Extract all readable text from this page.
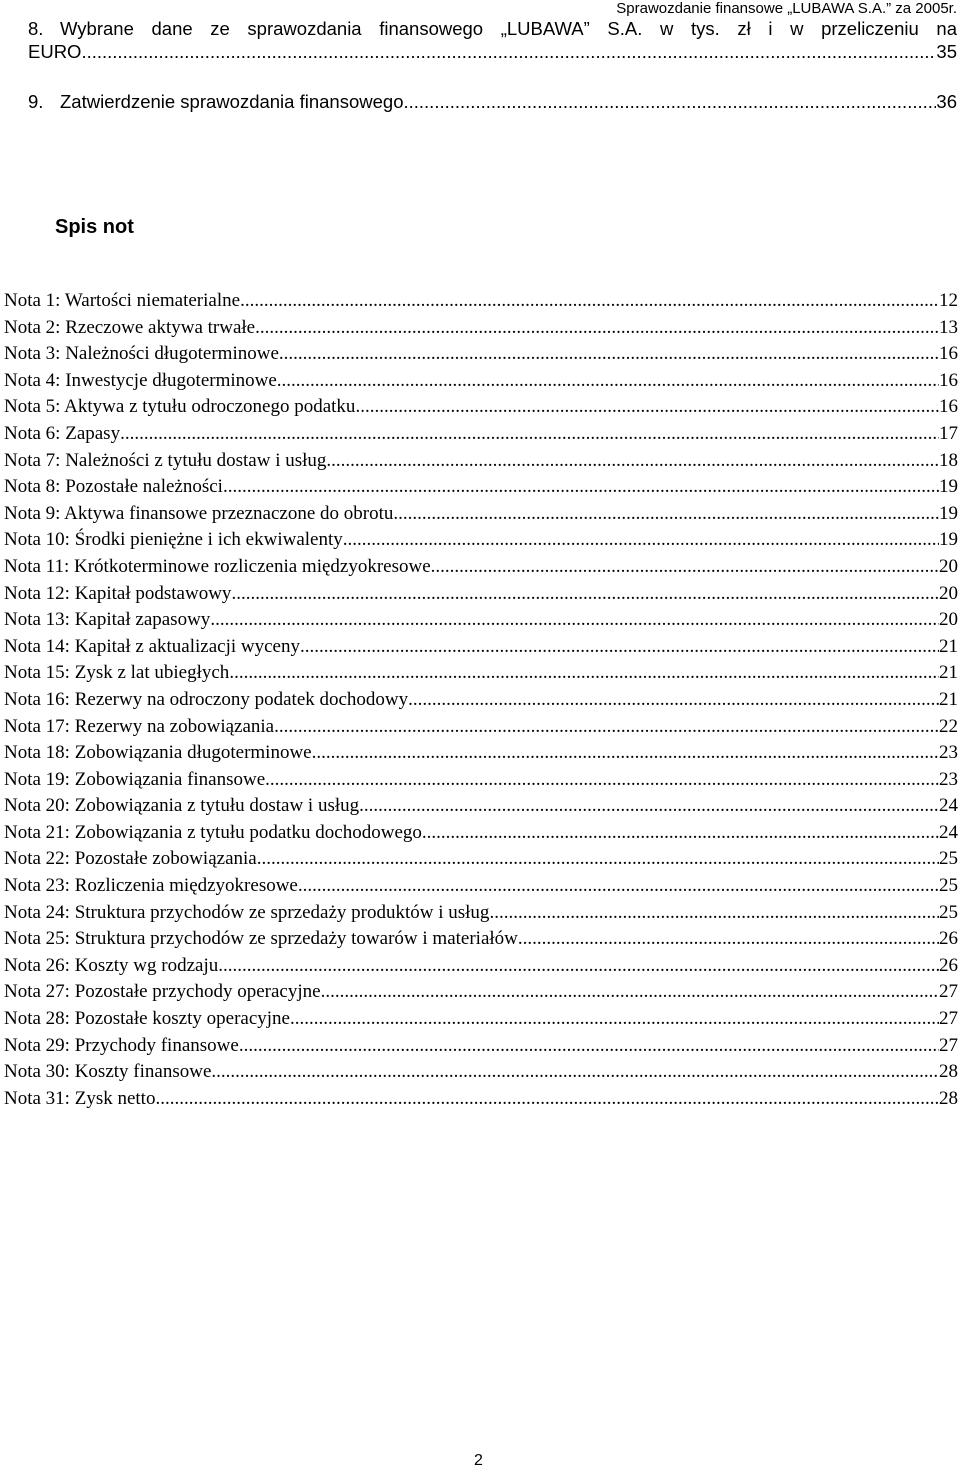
Sprawozdanie finansowe „LUBAWA S.A.” za 2005r.
8. Wybrane dane ze sprawozdania finansowego „LUBAWA” S.A. w tys. zł i w przeliczeniu na
EURO .....	35
9. Zatwierdzenie sprawozdania finansowego .....	36
Spis not
Nota 1: Wartości niematerialne .....	12
Nota 2: Rzeczowe aktywa trwałe .....	13
Nota 3: Należności długoterminowe .....	16
Nota 4: Inwestycje długoterminowe .....	16
Nota 5: Aktywa z tytułu odroczonego podatku .....	16
Nota 6: Zapasy .....	17
Nota 7: Należności z tytułu dostaw i usług .....	18
Nota 8: Pozostałe należności .....	19
Nota 9: Aktywa finansowe przeznaczone do obrotu .....	19
Nota 10: Środki pieniężne i ich ekwiwalenty .....	19
Nota 11: Krótkoterminowe rozliczenia międzyokresowe .....	20
Nota 12: Kapitał podstawowy .....	20
Nota 13: Kapitał zapasowy .....	20
Nota 14: Kapitał z aktualizacji wyceny .....	21
Nota 15: Zysk z lat ubiegłych .....	21
Nota 16: Rezerwy na odroczony podatek dochodowy .....	21
Nota 17: Rezerwy na zobowiązania .....	22
Nota 18: Zobowiązania długoterminowe .....	23
Nota 19: Zobowiązania finansowe .....	23
Nota 20: Zobowiązania z tytułu dostaw i usług .....	24
Nota 21: Zobowiązania z tytułu podatku dochodowego .....	24
Nota 22: Pozostałe zobowiązania .....	25
Nota 23: Rozliczenia międzyokresowe .....	25
Nota 24: Struktura przychodów ze sprzedaży produktów i usług .....	25
Nota 25: Struktura przychodów ze sprzedaży towarów i materiałów .....	26
Nota 26: Koszty wg rodzaju .....	26
Nota 27: Pozostałe przychody operacyjne .....	27
Nota 28: Pozostałe koszty operacyjne .....	27
Nota 29: Przychody finansowe .....	27
Nota 30: Koszty finansowe .....	28
Nota 31: Zysk netto .....	28
2
